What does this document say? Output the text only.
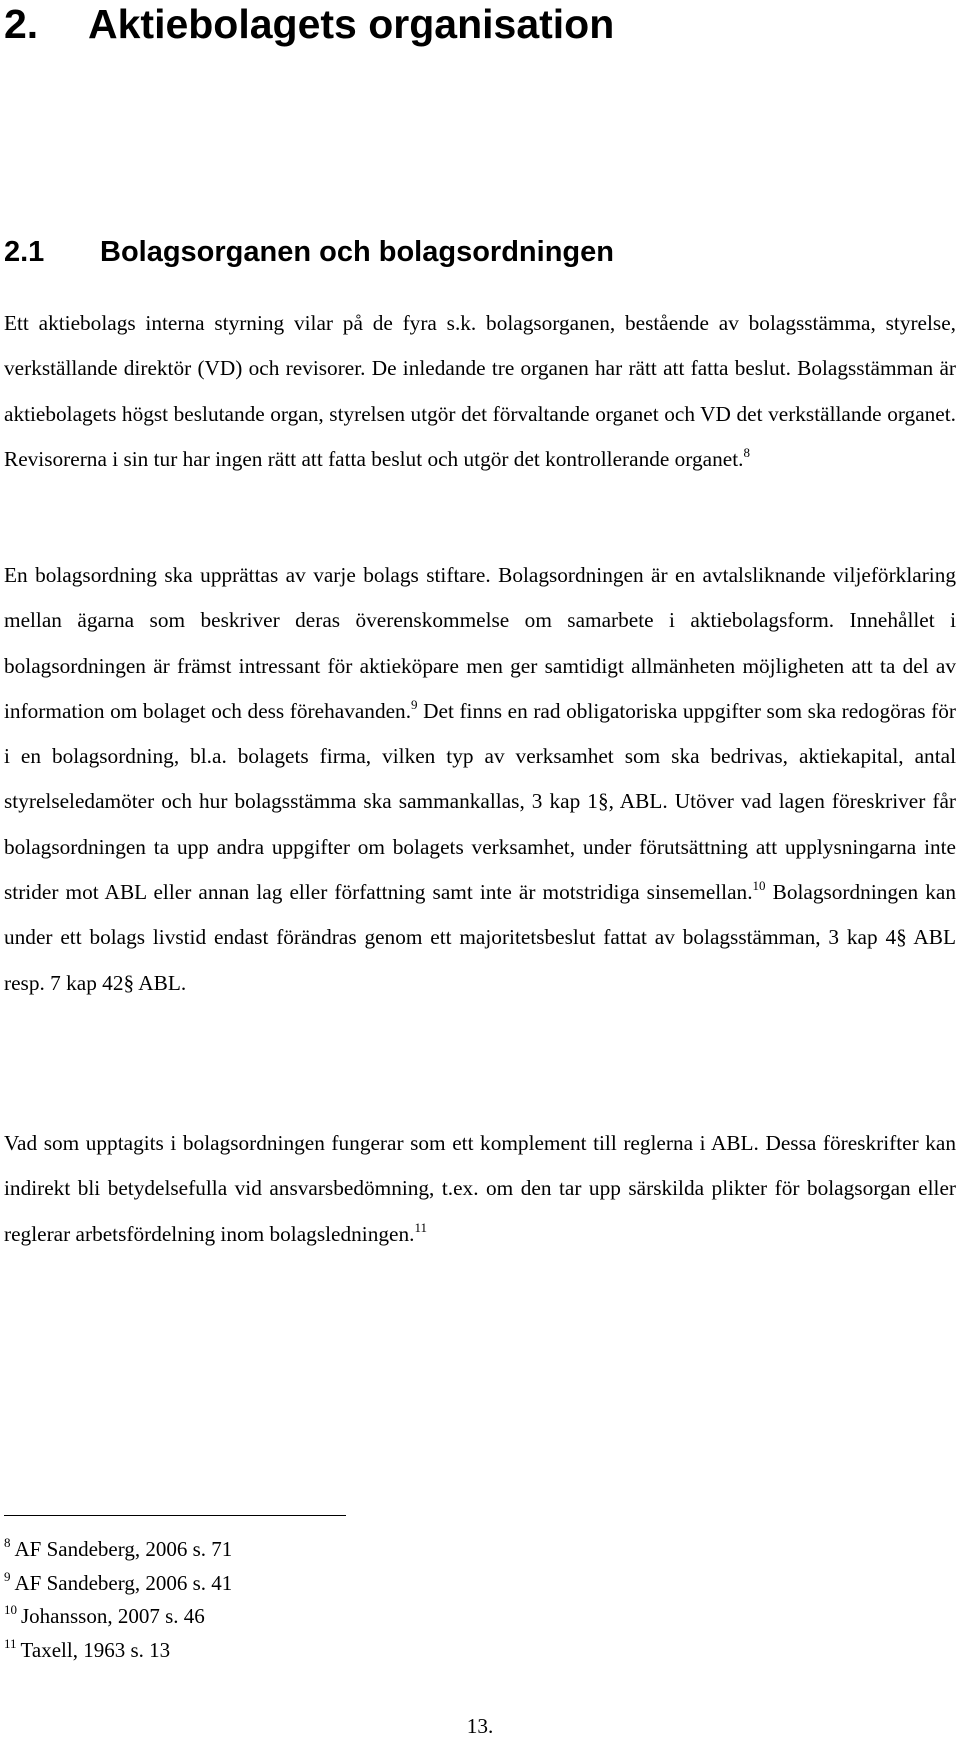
2. Aktiebolagets organisation
2.1 Bolagsorganen och bolagsordningen

Ett aktiebolags interna styrning vilar på de fyra s.k. bolagsorganen, bestående av bolagsstämma, styrelse, verkställande direktör (VD) och revisorer. De inledande tre organen har rätt att fatta beslut. Bolagsstämman är aktiebolagets högst beslutande organ, styrelsen utgör det förvaltande organet och VD det verkställande organet. Revisorerna i sin tur har ingen rätt att fatta beslut och utgör det kontrollerande organet.$^8$

En bolagsordning ska upprättas av varje bolags stiftare. Bolagsordningen är en avtalsliknande viljeförklaring mellan ägarna som beskriver deras överenskommelse om samarbete i aktiebolagsform. Innehållet i bolagsordningen är främst intressant för aktieköpare men ger samtidigt allmänheten möjligheten att ta del av information om bolaget och dess förehavanden.$^9$ Det finns en rad obligatoriska uppgifter som ska redogöras för i en bolagsordning, bl.a. bolagets firma, vilken typ av verksamhet som ska bedrivas, aktiekapital, antal styrelseledamöter och hur bolagsstämma ska sammankallas, 3 kap 1§, ABL. Utöver vad lagen föreskriver får bolagsordningen ta upp andra uppgifter om bolagets verksamhet, under förutsättning att upplysningarna inte strider mot ABL eller annan lag eller författning samt inte är motstridiga sinsemellan.$^{10}$ Bolagsordningen kan under ett bolags livstid endast förändras genom ett majoritetsbeslut fattat av bolagsstämman, 3 kap 4§ ABL resp. 7 kap 42§ ABL.

Vad som upptagits i bolagsordningen fungerar som ett komplement till reglerna i ABL. Dessa föreskrifter kan indirekt bli betydelsefulla vid ansvarsbedömning, t.ex. om den tar upp särskilda plikter för bolagsorgan eller reglerar arbetsfördelning inom bolagsledningen.$^{11}$

$^8$ AF Sandeberg, 2006 s. 71
$^9$ AF Sandeberg, 2006 s. 41
$^{10}$ Johansson, 2007 s. 46
$^{11}$ Taxell, 1963 s. 13
13.
